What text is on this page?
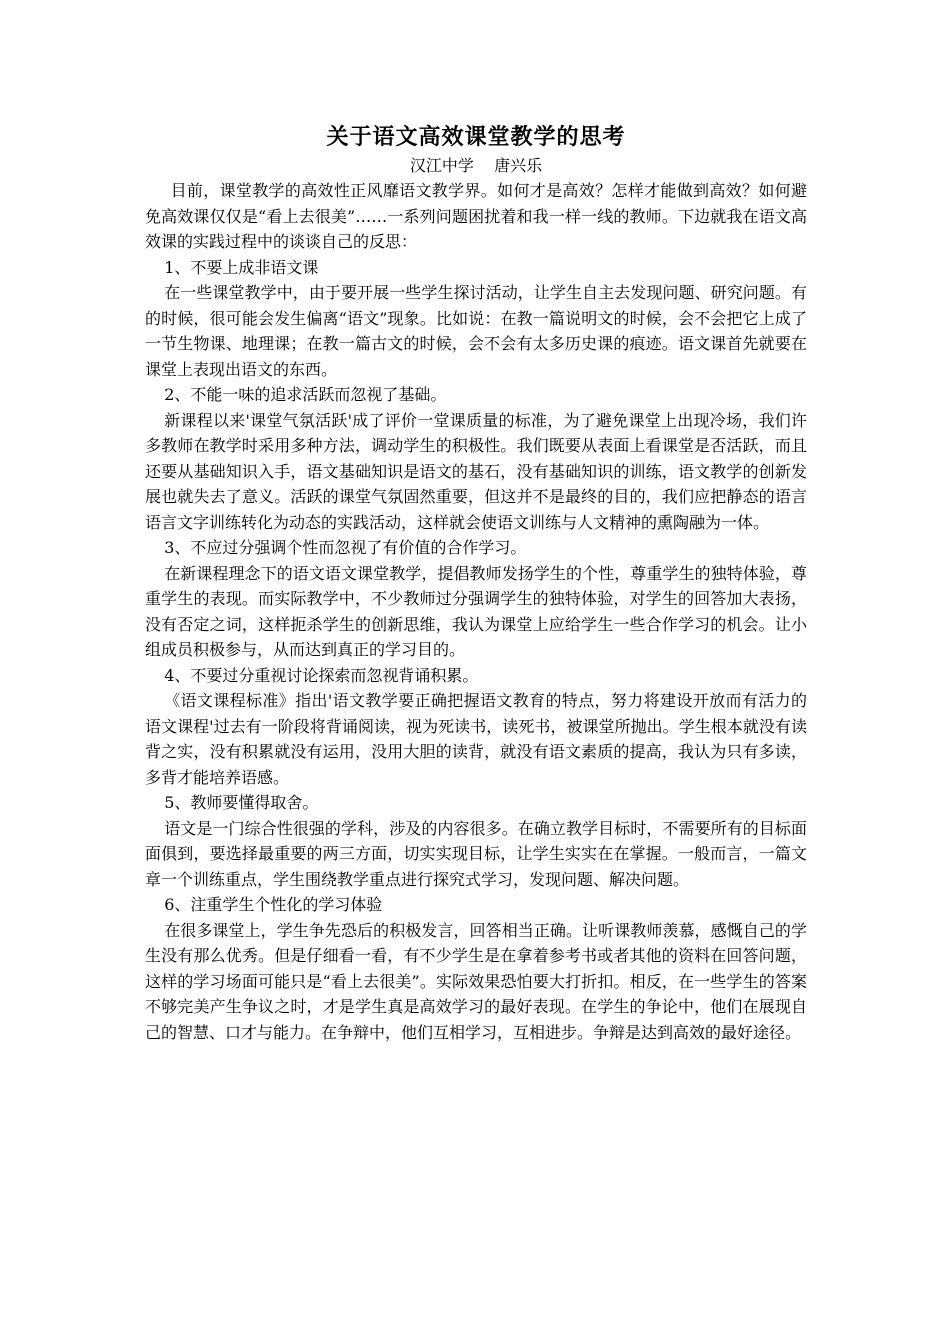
关于语文高效课堂教学的思考

汉江中学    唐兴乐

目前，课堂教学的高效性正风靡语文教学界。如何才是高效？怎样才能做到高效？如何避免高效课仅仅是“看上去很美”……一系列问题困扰着和我一样一线的教师。下边就我在语文高效课的实践过程中的谈谈自己的反思：

1、不要上成非语文课

在一些课堂教学中，由于要开展一些学生探讨活动，让学生自主去发现问题、研究问题。有的时候，很可能会发生偏离“语文”现象。比如说：在教一篇说明文的时候，会不会把它上成了一节生物课、地理课；在教一篇古文的时候，会不会有太多历史课的痕迹。语文课首先就要在课堂上表现出语文的东西。

2、不能一味的追求活跃而忽视了基础。

新课程以来'课堂气氛活跃'成了评价一堂课质量的标准，为了避免课堂上出现冷场，我们许多教师在教学时采用多种方法，调动学生的积极性。我们既要从表面上看课堂是否活跃，而且还要从基础知识入手，语文基础知识是语文的基石，没有基础知识的训练，语文教学的创新发展也就失去了意义。活跃的课堂气氛固然重要，但这并不是最终的目的，我们应把静态的语言语言文字训练转化为动态的实践活动，这样就会使语文训练与人文精神的熏陶融为一体。

3、不应过分强调个性而忽视了有价值的合作学习。

在新课程理念下的语文语文课堂教学，提倡教师发扬学生的个性，尊重学生的独特体验，尊重学生的表现。而实际教学中，不少教师过分强调学生的独特体验，对学生的回答加大表扬，没有否定之词，这样扼杀学生的创新思维，我认为课堂上应给学生一些合作学习的机会。让小组成员积极参与，从而达到真正的学习目的。

4、不要过分重视讨论探索而忽视背诵积累。

《语文课程标准》指出'语文教学要正确把握语文教育的特点，努力将建设开放而有活力的语文课程'过去有一阶段将背诵阅读，视为死读书，读死书，被课堂所抛出。学生根本就没有读背之实，没有积累就没有运用，没用大胆的读背，就没有语文素质的提高，我认为只有多读，多背才能培养语感。

5、教师要懂得取舍。

语文是一门综合性很强的学科，涉及的内容很多。在确立教学目标时，不需要所有的目标面面俱到，要选择最重要的两三方面，切实实现目标，让学生实实在在掌握。一般而言，一篇文章一个训练重点，学生围绕教学重点进行探究式学习，发现问题、解决问题。

6、注重学生个性化的学习体验

在很多课堂上，学生争先恐后的积极发言，回答相当正确。让听课教师羡慕，感慨自己的学生没有那么优秀。但是仔细看一看，有不少学生是在拿着参考书或者其他的资料在回答问题，这样的学习场面可能只是“看上去很美”。实际效果恐怕要大打折扣。相反，在一些学生的答案不够完美产生争议之时，才是学生真是高效学习的最好表现。在学生的争论中，他们在展现自己的智慧、口才与能力。在争辩中，他们互相学习，互相进步。争辩是达到高效的最好途径。
